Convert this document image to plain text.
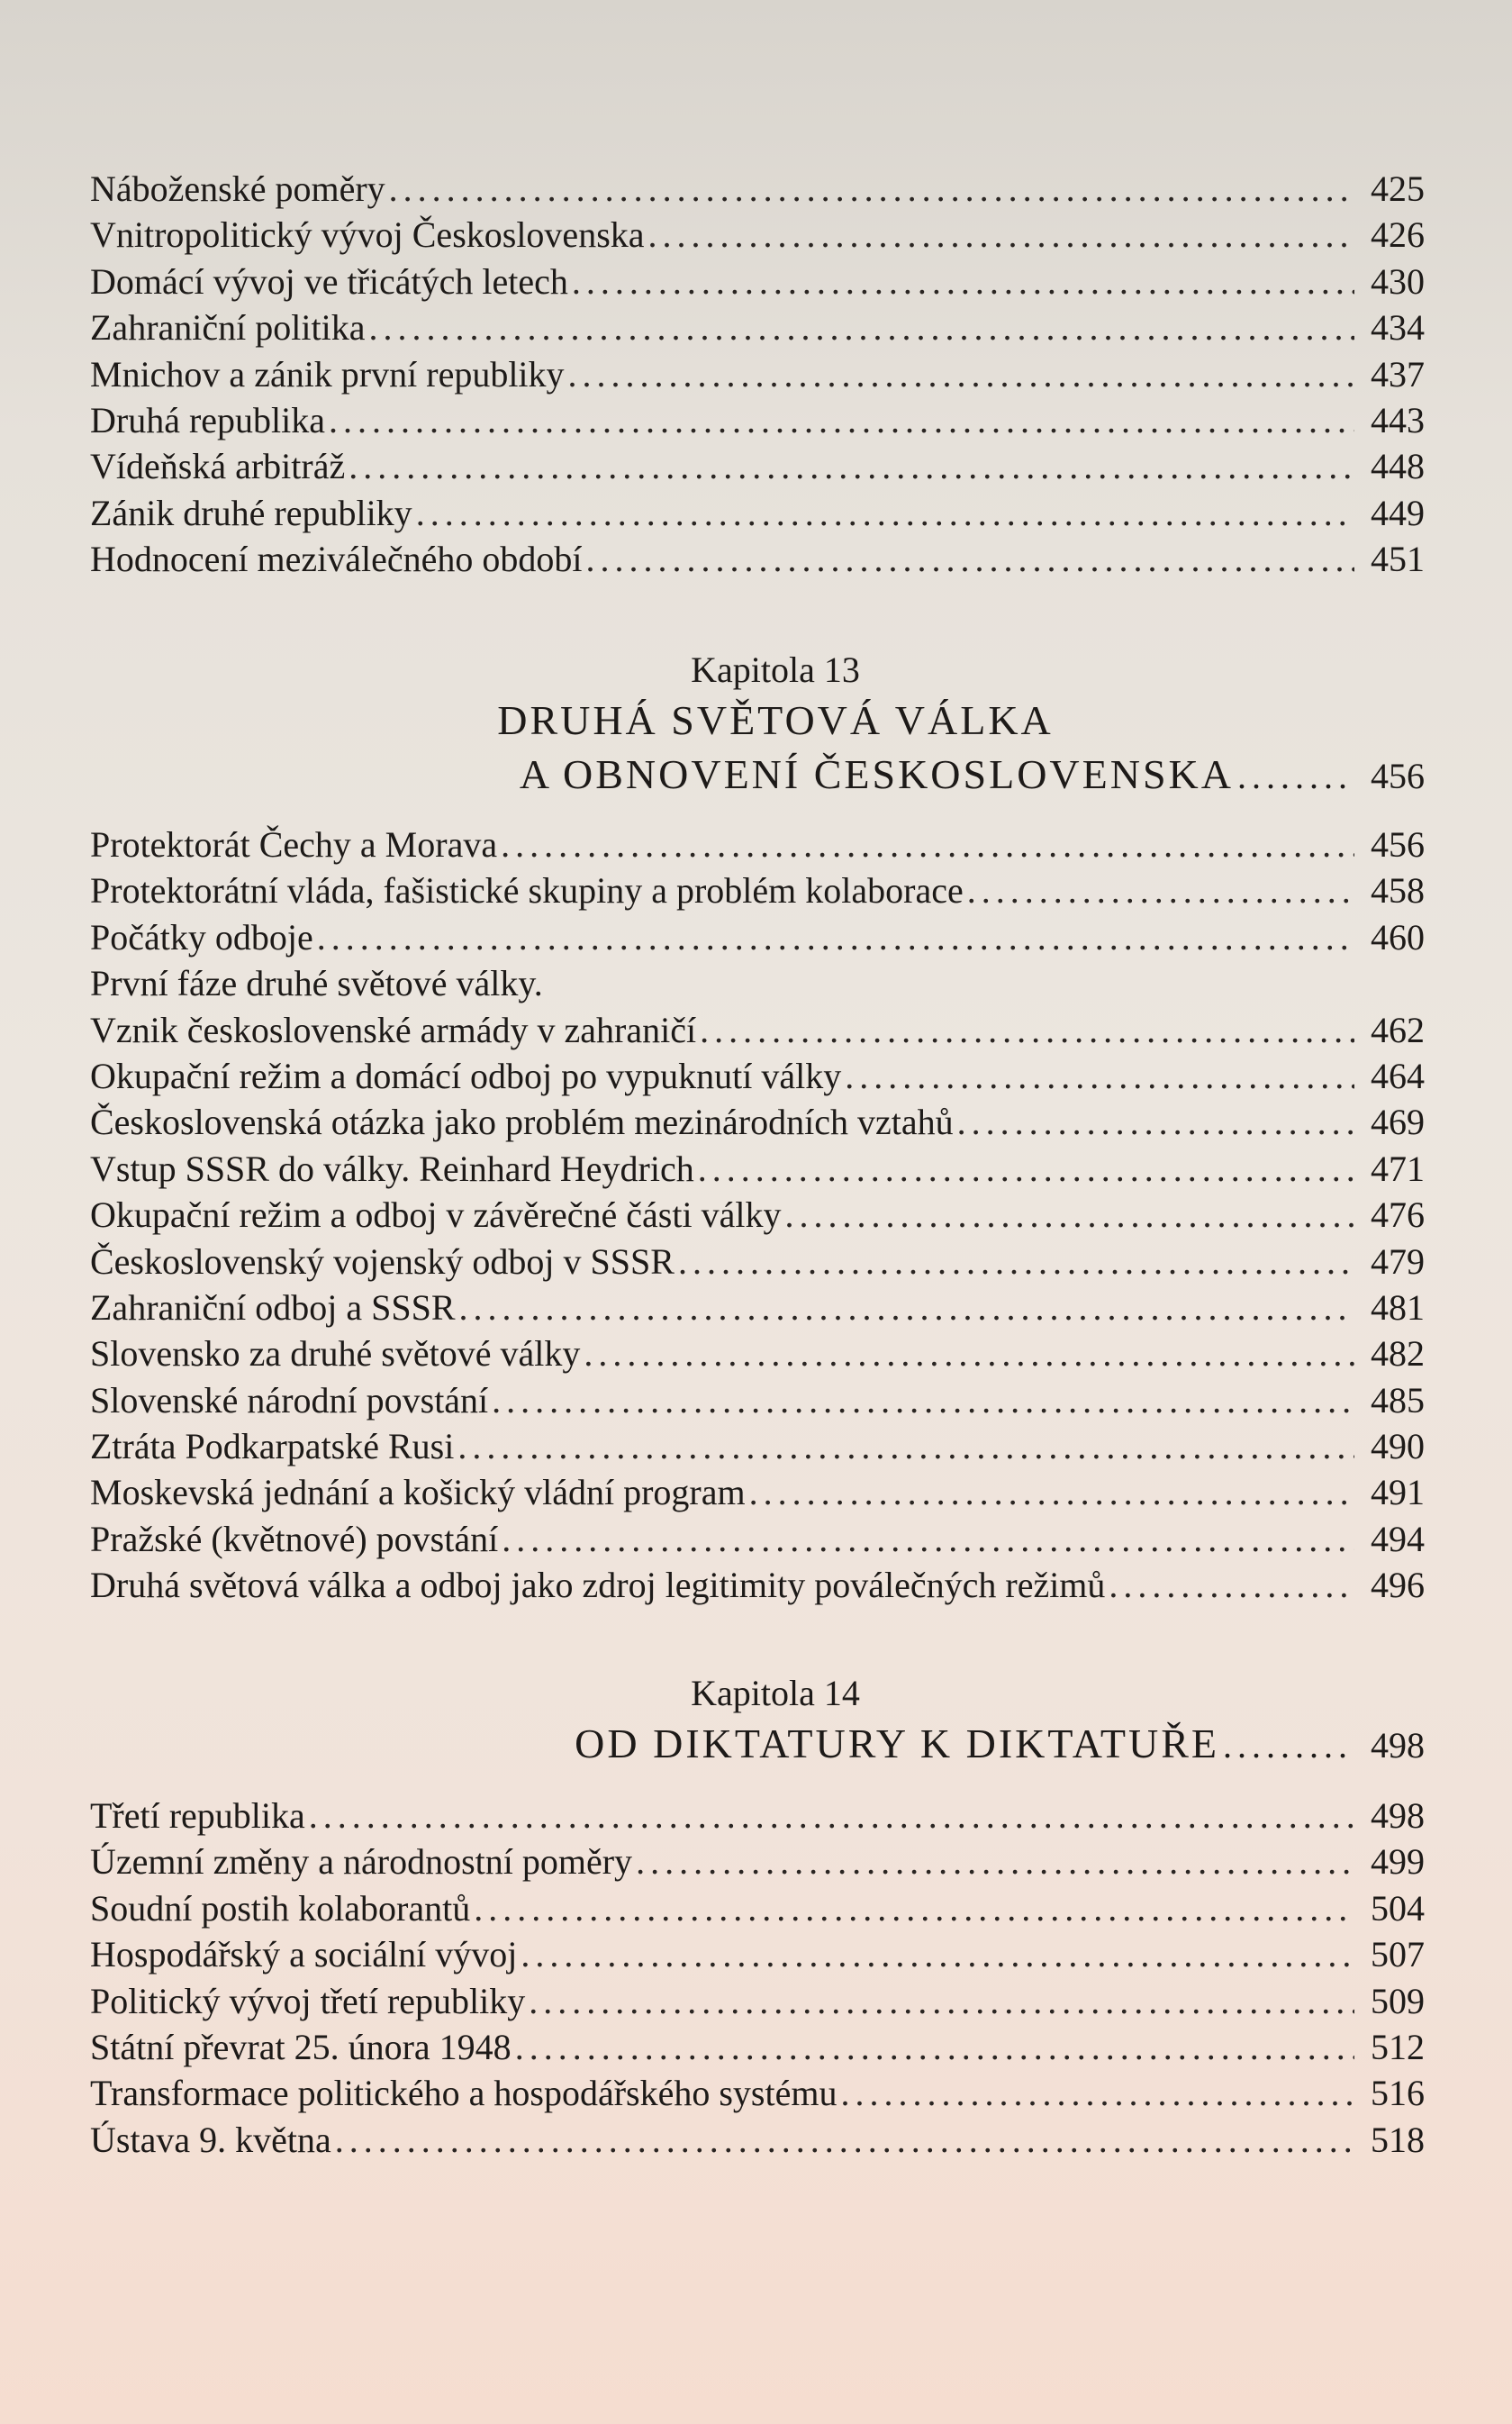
Náboženské poměry .....	425
Vnitropolitický vývoj Československa .....	426
Domácí vývoj ve třicátých letech .....	430
Zahraniční politika .....	434
Mnichov a zánik první republiky .....	437
Druhá republika .....	443
Vídeňská arbitráž .....	448
Zánik druhé republiky .....	449
Hodnocení meziválečného období .....	451
Kapitola 13
DRUHÁ SVĚTOVÁ VÁLKA
A OBNOVENÍ ČESKOSLOVENSKA ........ 456
Protektorát Čechy a Morava .....	456
Protektorátní vláda, fašistické skupiny a problém kolaborace .....	458
Počátky odboje .....	460
První fáze druhé světové války.
Vznik československé armády v zahraničí .....	462
Okupační režim a domácí odboj po vypuknutí války .....	464
Československá otázka jako problém mezinárodních vztahů .....	469
Vstup SSSR do války. Reinhard Heydrich .....	471
Okupační režim a odboj v závěrečné části války .....	476
Československý vojenský odboj v SSSR .....	479
Zahraniční odboj a SSSR .....	481
Slovensko za druhé světové války .....	482
Slovenské národní povstání .....	485
Ztráta Podkarpatské Rusi .....	490
Moskevská jednání a košický vládní program .....	491
Pražské (květnové) povstání .....	494
Druhá světová válka a odboj jako zdroj legitimity poválečných režimů .....	496
Kapitola 14
OD DIKTATURY K DIKTATUŘE ......... 498
Třetí republika .....	498
Územní změny a národnostní poměry .....	499
Soudní postih kolaborantů .....	504
Hospodářský a sociální vývoj .....	507
Politický vývoj třetí republiky .....	509
Státní převrat 25. února 1948 .....	512
Transformace politického a hospodářského systému .....	516
Ústava 9. května .....	518
